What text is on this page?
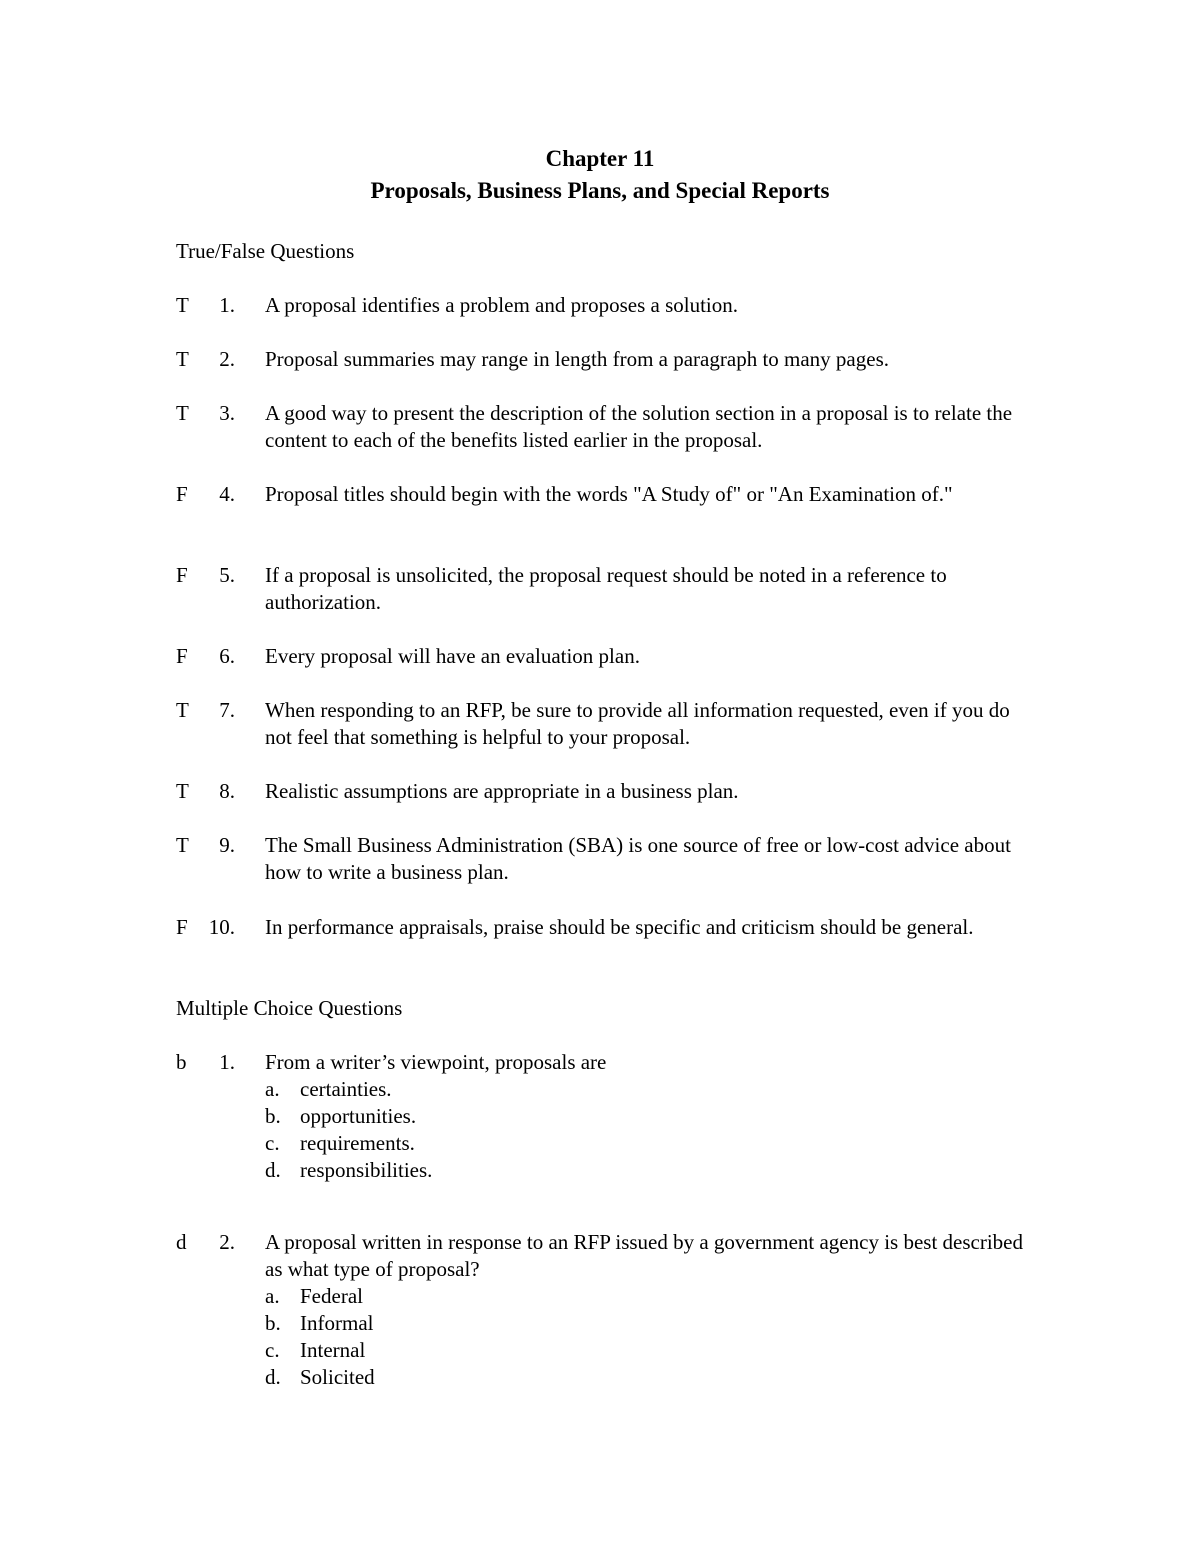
Chapter 11
Proposals, Business Plans, and Special Reports
True/False Questions
T	1. A proposal identifies a problem and proposes a solution.
T	2. Proposal summaries may range in length from a paragraph to many pages.
T	3. A good way to present the description of the solution section in a proposal is to relate the content to each of the benefits listed earlier in the proposal.
F	4. Proposal titles should begin with the words "A Study of" or "An Examination of."
F	5. If a proposal is unsolicited, the proposal request should be noted in a reference to authorization.
F	6. Every proposal will have an evaluation plan.
T	7. When responding to an RFP, be sure to provide all information requested, even if you do not feel that something is helpful to your proposal.
T	8. Realistic assumptions are appropriate in a business plan.
T	9. The Small Business Administration (SBA) is one source of free or low-cost advice about how to write a business plan.
F	10. In performance appraisals, praise should be specific and criticism should be general.
Multiple Choice Questions
b	1. From a writer’s viewpoint, proposals are
a. certainties.
b. opportunities.
c. requirements.
d. responsibilities.
d	2. A proposal written in response to an RFP issued by a government agency is best described as what type of proposal?
a. Federal
b. Informal
c. Internal
d. Solicited
